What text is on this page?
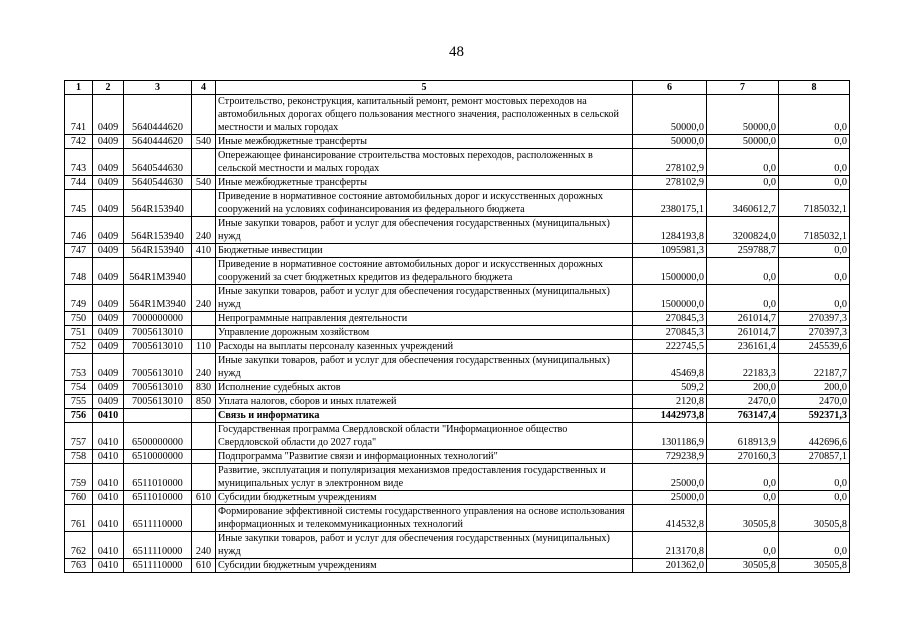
48
1	2	3	4	5	6	7	8
741	0409	5640444620		Строительство, реконструкция, капитальный ремонт, ремонт мостовых переходов на автомобильных дорогах общего пользования местного значения, расположенных в сельской местности и малых городах	50000,0	50000,0	0,0
742	0409	5640444620	540	Иные межбюджетные трансферты	50000,0	50000,0	0,0
743	0409	5640544630		Опережающее финансирование строительства мостовых переходов, расположенных в сельской местности и малых городах	278102,9	0,0	0,0
744	0409	5640544630	540	Иные межбюджетные трансферты	278102,9	0,0	0,0
745	0409	564R153940		Приведение в нормативное состояние автомобильных дорог и искусственных дорожных сооружений на условиях софинансирования из федерального бюджета	2380175,1	3460612,7	7185032,1
746	0409	564R153940	240	Иные закупки товаров, работ и услуг для обеспечения государственных (муниципальных) нужд	1284193,8	3200824,0	7185032,1
747	0409	564R153940	410	Бюджетные инвестиции	1095981,3	259788,7	0,0
748	0409	564R1M3940		Приведение в нормативное состояние автомобильных дорог и искусственных дорожных сооружений за счет бюджетных кредитов из федерального бюджета	1500000,0	0,0	0,0
749	0409	564R1M3940	240	Иные закупки товаров, работ и услуг для обеспечения государственных (муниципальных) нужд	1500000,0	0,0	0,0
750	0409	7000000000		Непрограммные направления деятельности	270845,3	261014,7	270397,3
751	0409	7005613010		Управление дорожным хозяйством	270845,3	261014,7	270397,3
752	0409	7005613010	110	Расходы на выплаты персоналу казенных учреждений	222745,5	236161,4	245539,6
753	0409	7005613010	240	Иные закупки товаров, работ и услуг для обеспечения государственных (муниципальных) нужд	45469,8	22183,3	22187,7
754	0409	7005613010	830	Исполнение судебных актов	509,2	200,0	200,0
755	0409	7005613010	850	Уплата налогов, сборов и иных платежей	2120,8	2470,0	2470,0
756	0410			Связь и информатика	1442973,8	763147,4	592371,3
757	0410	6500000000		Государственная программа Свердловской области "Информационное общество Свердловской области до 2027 года"	1301186,9	618913,9	442696,6
758	0410	6510000000		Подпрограмма "Развитие связи и информационных технологий"	729238,9	270160,3	270857,1
759	0410	6511010000		Развитие, эксплуатация и популяризация механизмов предоставления государственных и муниципальных услуг в электронном виде	25000,0	0,0	0,0
760	0410	6511010000	610	Субсидии бюджетным учреждениям	25000,0	0,0	0,0
761	0410	6511110000		Формирование эффективной системы государственного управления на основе использования информационных и телекоммуникационных технологий	414532,8	30505,8	30505,8
762	0410	6511110000	240	Иные закупки товаров, работ и услуг для обеспечения государственных (муниципальных) нужд	213170,8	0,0	0,0
763	0410	6511110000	610	Субсидии бюджетным учреждениям	201362,0	30505,8	30505,8
